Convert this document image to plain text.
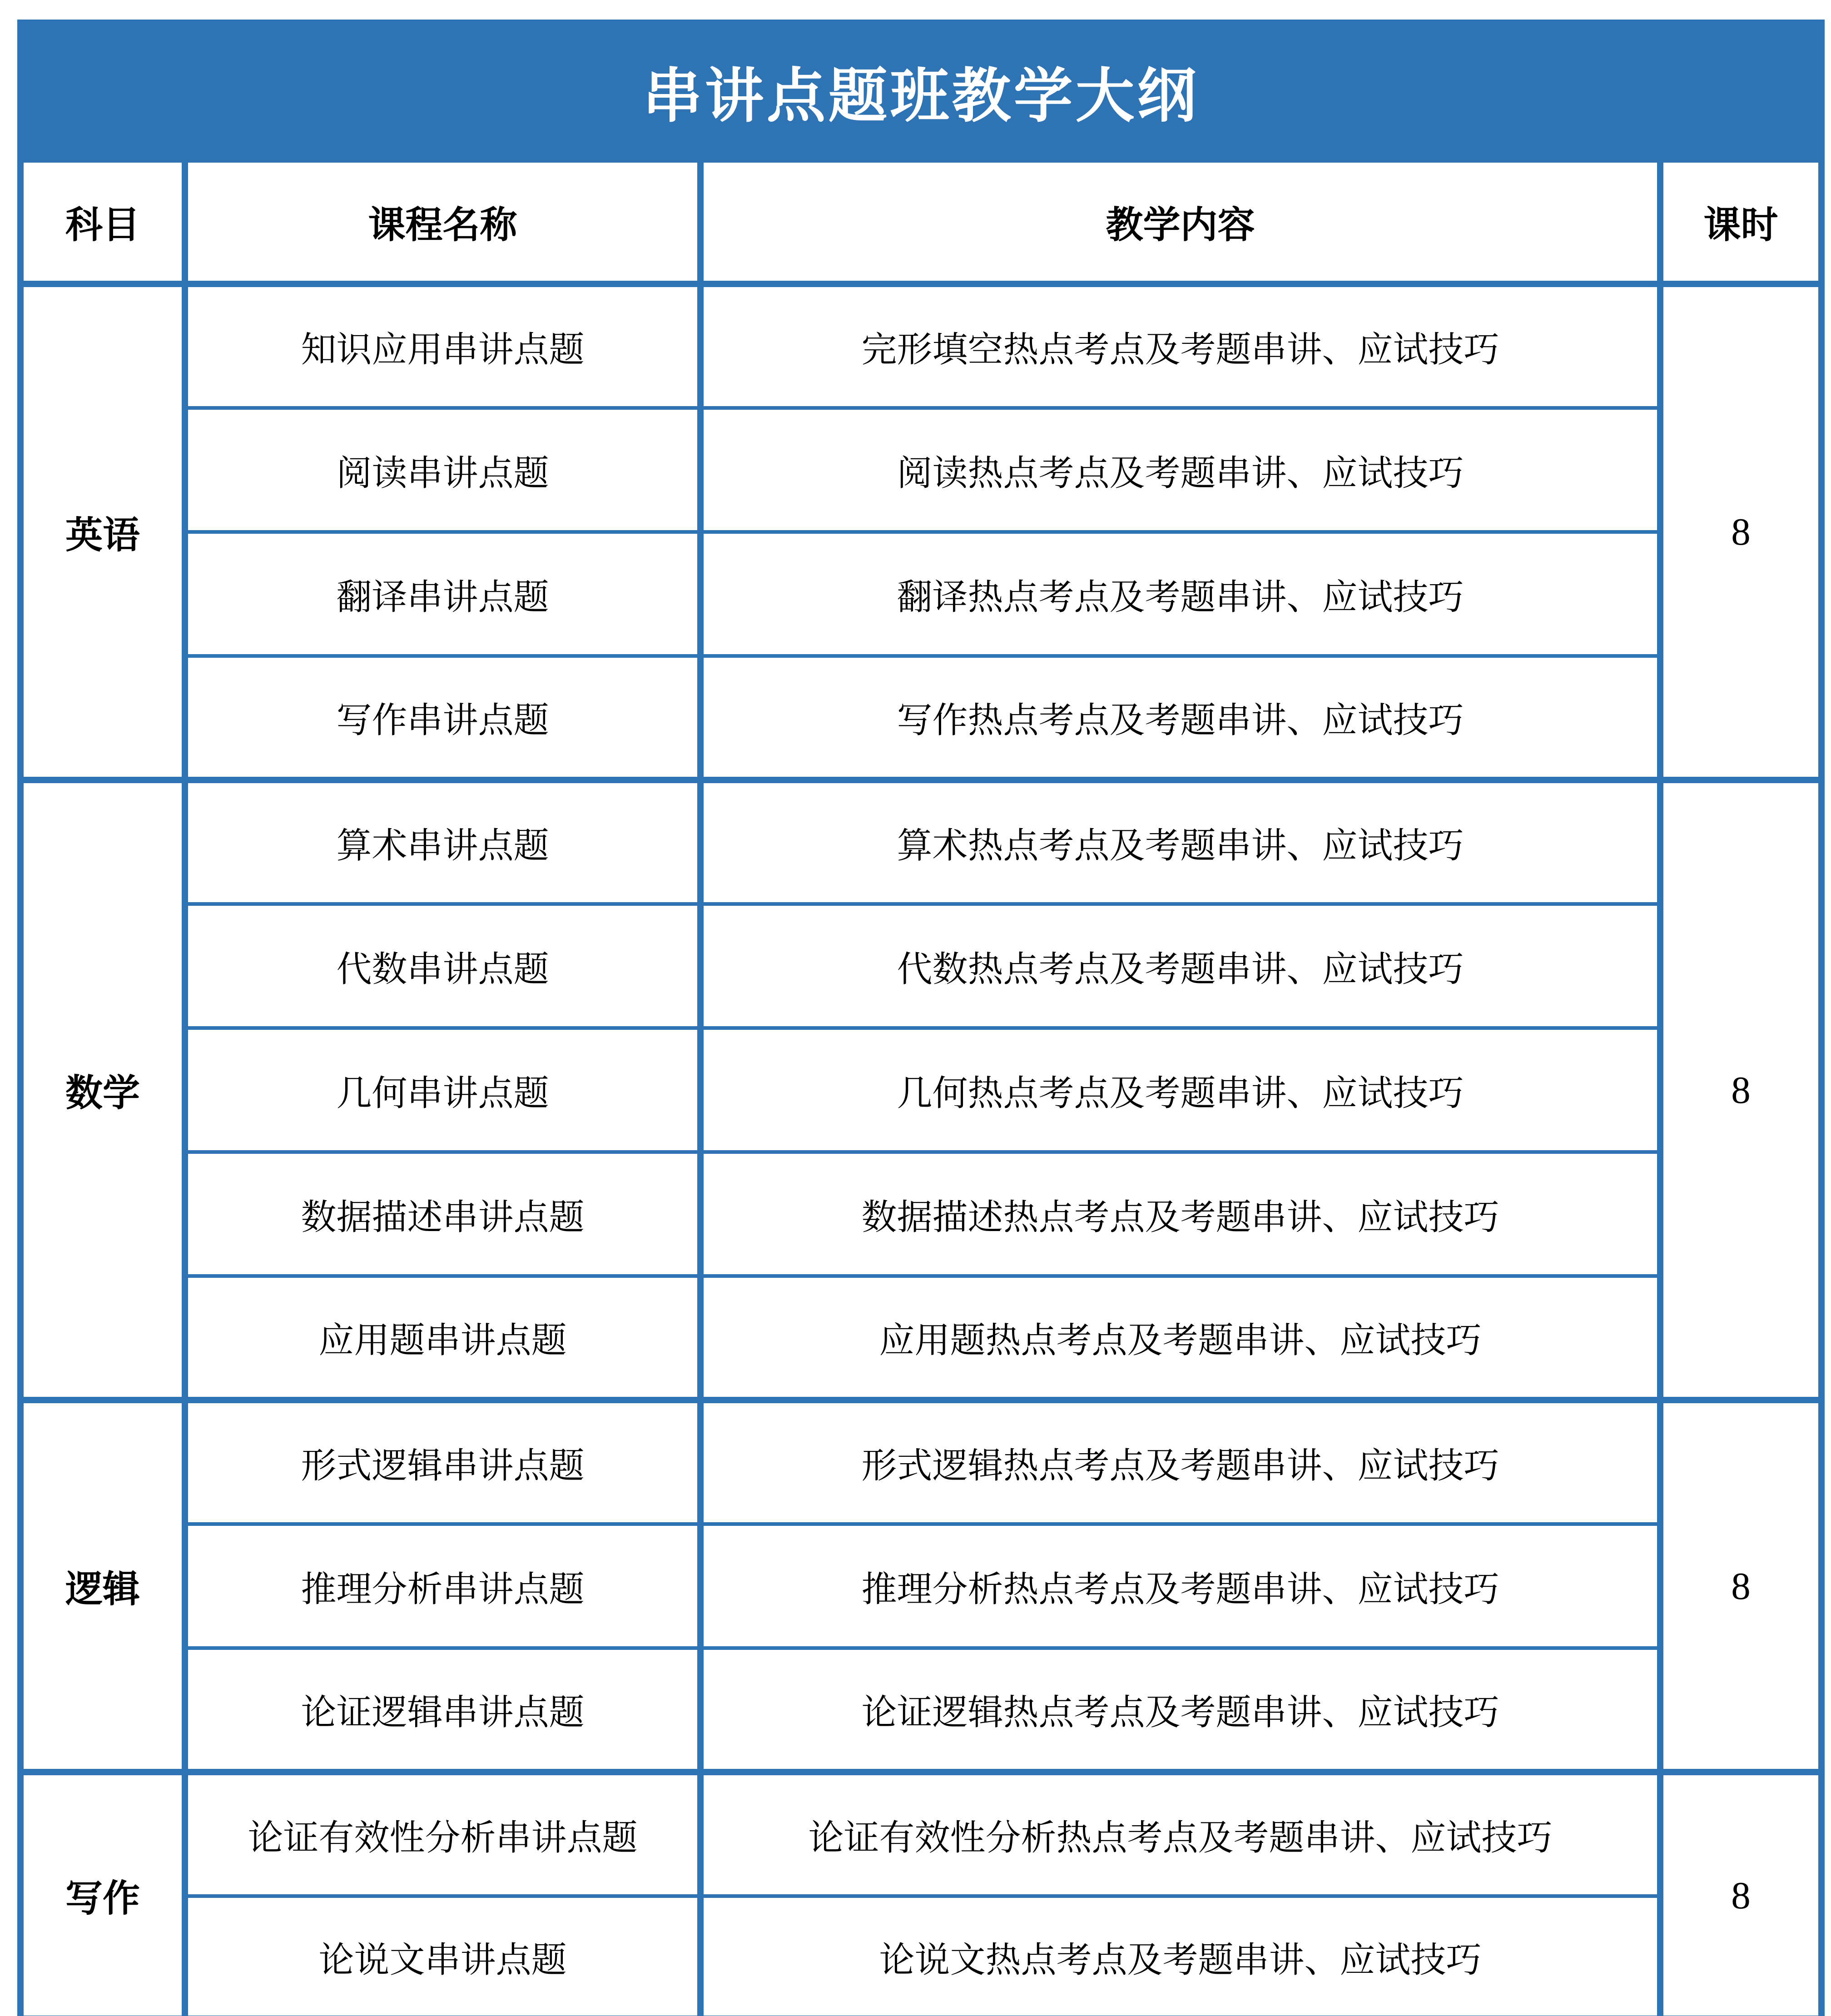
串讲点题班教学大纲			
科目	课程名称	教学内容	课时
英语	知识应用串讲点题	完形填空热点考点及考题串讲、应试技巧	8
	阅读串讲点题	阅读热点考点及考题串讲、应试技巧	
	翻译串讲点题	翻译热点考点及考题串讲、应试技巧	
	写作串讲点题	写作热点考点及考题串讲、应试技巧	
数学	算术串讲点题	算术热点考点及考题串讲、应试技巧	8
	代数串讲点题	代数热点考点及考题串讲、应试技巧	
	几何串讲点题	几何热点考点及考题串讲、应试技巧	
	数据描述串讲点题	数据描述热点考点及考题串讲、应试技巧	
	应用题串讲点题	应用题热点考点及考题串讲、应试技巧	
逻辑	形式逻辑串讲点题	形式逻辑热点考点及考题串讲、应试技巧	8
	推理分析串讲点题	推理分析热点考点及考题串讲、应试技巧	
	论证逻辑串讲点题	论证逻辑热点考点及考题串讲、应试技巧	
写作	论证有效性分析串讲点题	论证有效性分析热点考点及考题串讲、应试技巧	8
	论说文串讲点题	论说文热点考点及考题串讲、应试技巧	
